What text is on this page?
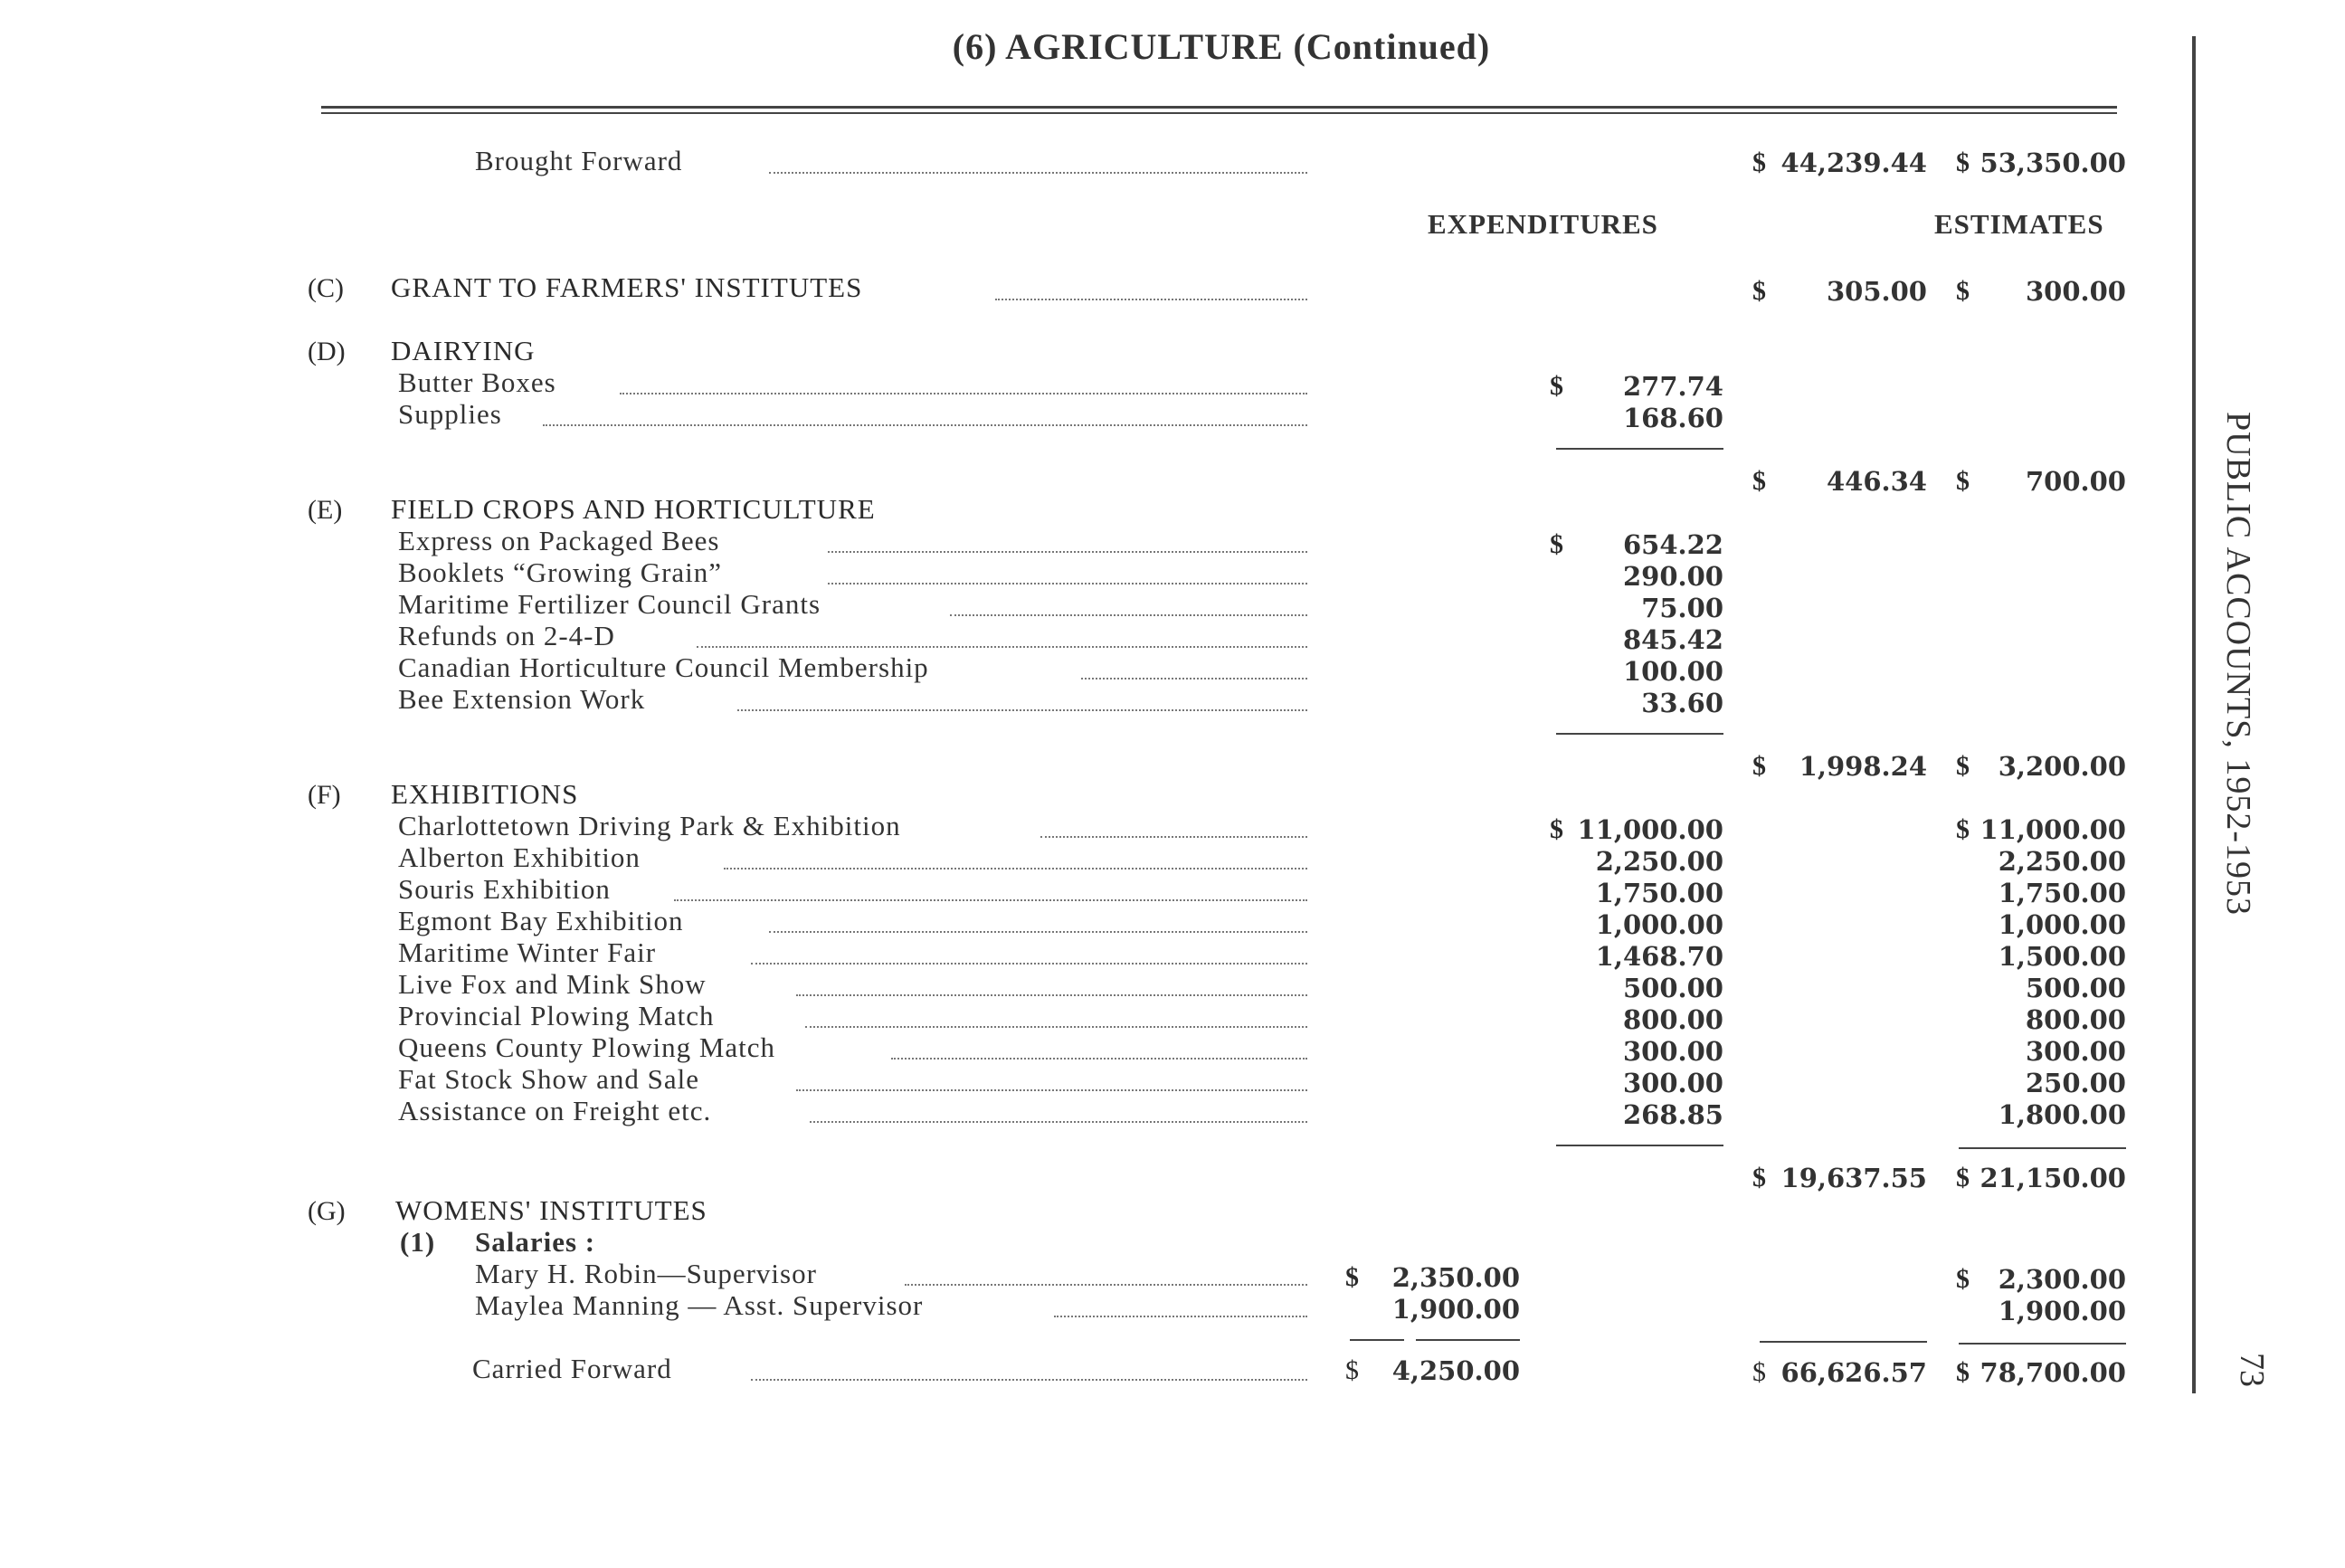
(6) AGRICULTURE (Continued)
PUBLIC ACCOUNTS, 1952-1953
73
Brought Forward	$ 44,239.44 $ 53,350.00
EXPENDITURES	ESTIMATES
(C) GRANT TO FARMERS' INSTITUTES	$	305.00 $	300.00
(D) DAIRYING
Butter Boxes	$	277.74
Supplies	168.60
$	446.34 $	700.00
(E) FIELD CROPS AND HORTICULTURE
Express on Packaged Bees	$	654.22
Booklets “Growing Grain”	290.00
Maritime Fertilizer Council Grants	75.00
Refunds on 2-4-D	845.42
Canadian Horticulture Council Membership	100.00
Bee Extension Work	33.60
$	1,998.24 $	3,200.00
(F) EXHIBITIONS
Charlottetown Driving Park & Exhibition	$ 11,000.00	$ 11,000.00
Alberton Exhibition	2,250.00	2,250.00
Souris Exhibition	1,750.00	1,750.00
Egmont Bay Exhibition	1,000.00	1,000.00
Maritime Winter Fair	1,468.70	1,500.00
Live Fox and Mink Show	500.00	500.00
Provincial Plowing Match	800.00	800.00
Queens County Plowing Match	300.00	300.00
Fat Stock Show and Sale	300.00	250.00
Assistance on Freight etc.	268.85	1,800.00
$ 19,637.55 $ 21,150.00
(G) WOMENS' INSTITUTES
(1) Salaries :
Mary H. Robin—Supervisor	$	2,350.00	$	2,300.00
Maylea Manning — Asst. Supervisor	1,900.00	1,900.00
Carried Forward	$	4,250.00	$ 66,626.57 $ 78,700.00
